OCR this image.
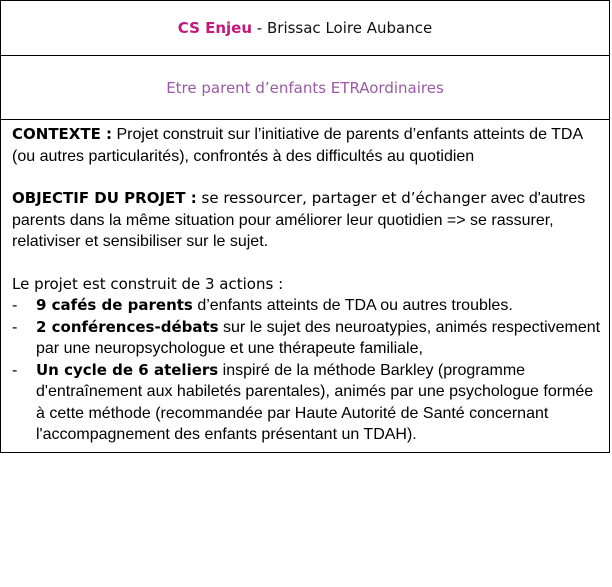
CS Enjeu - Brissac Loire Aubance
Etre parent d’enfants ETRAordinaires

CONTEXTE : Projet construit sur l’initiative de parents d’enfants atteints de TDA (ou autres particularités), confrontés à des difficultés au quotidien

OBJECTIF DU PROJET : se ressourcer, partager et d’échanger avec d'autres parents dans la même situation pour améliorer leur quotidien => se rassurer, relativiser et sensibiliser sur le sujet.

Le projet est construit de 3 actions :

- 9 cafés de parents d’enfants atteints de TDA ou autres troubles.
- 2 conférences-débats sur le sujet des neuroatypies, animés respectivement par une neuropsychologue et une thérapeute familiale,
- Un cycle de 6 ateliers inspiré de la méthode Barkley (programme d'entraînement aux habiletés parentales), animés par une psychologue formée à cette méthode (recommandée par Haute Autorité de Santé concernant l'accompagnement des enfants présentant un TDAH).
